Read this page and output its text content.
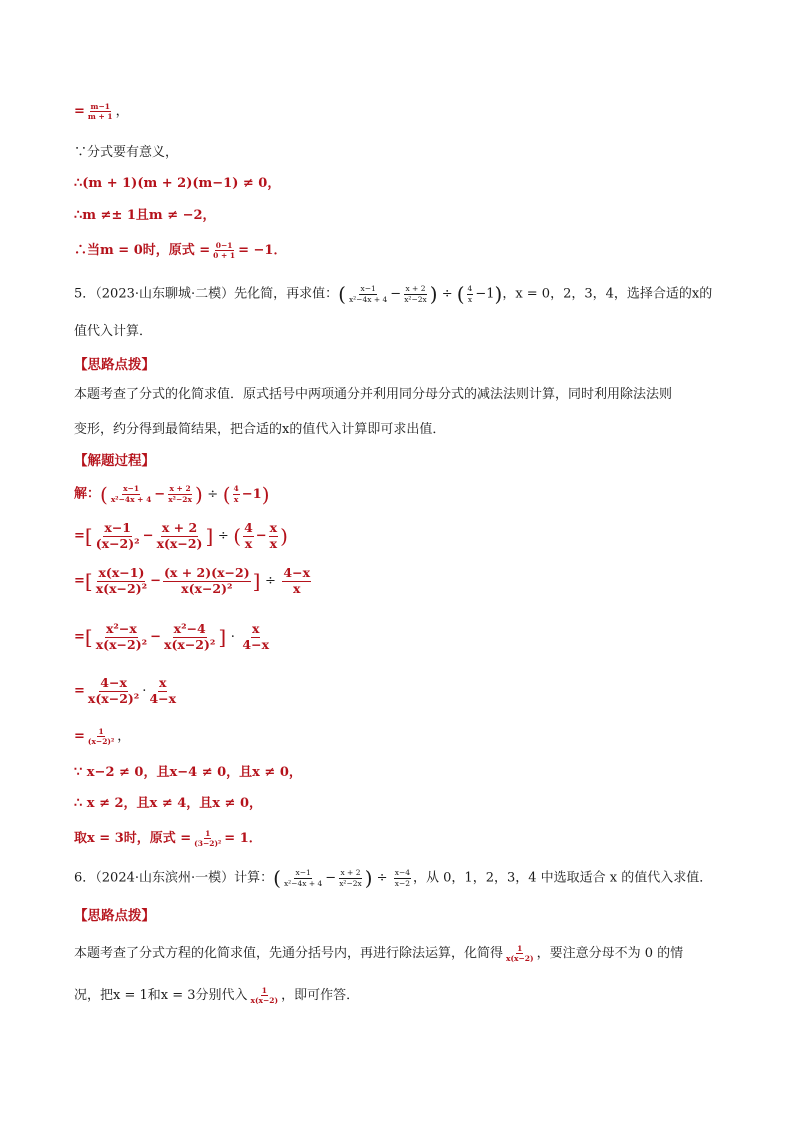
= $\frac{m-1}{m + 1}$ ，
∵分式要有意义，
∴(m + 1)(m + 2)(m−1) ≠ 0，
∴m ≠± 1且m ≠ −2，
∴当m = 0时，原式 = $\frac{0-1}{0 + 1} = -1$．
5．（2023·山东聊城·二模）先化简，再求值：( $\frac{x-1}{\text{x²−4x + 4}} - \frac{x + 2}{\text{x²−2x}}$ ) ÷ ( $\frac{4}{x} -1$)，x = 0，2，3，4，选择合适的x的
值代入计算．
【思路点拨】
本题考查了分式的化简求值．原式括号中两项通分并利用同分母分式的减法法则计算，同时利用除法法则
变形，约分得到最简结果，把合适的x的值代入计算即可求出值．
【解题过程】
解：( $\frac{x-1}{\text{x²−4x + 4}} - \frac{x + 2}{\text{x²−2x}}$ ) ÷ ( $\frac{4}{x} -1$)
=[ $\frac{x-1}{\text{(x−2)²}} - \frac{x + 2}{x(x-2)}$ ] ÷ ( $\frac{4}{x} - \frac{x}{x}$ )
=[ $\frac{x(x-1)}{\text{x(x−2)²}} - \frac{(x + 2)(x-2)}{\text{x(x−2)²}}$ ] ÷ $\frac{4-x}{x}$
=[ $\frac{\text{x²−x}}{\text{x(x−2)²}} - \frac{\text{x²−4}}{\text{x(x−2)²}}$ ] · $\frac{x}{4-x}$
= $\frac{4-x}{\text{x(x−2)²}} \cdot \frac{x}{4-x}$
= $\frac{1}{\text{(x−2)²}}$ ，
∵ x−2 ≠ 0，且x−4 ≠ 0，且x ≠ 0，
∴ x ≠ 2，且x ≠ 4，且x ≠ 0，
取x = 3时，原式 = $\frac{1}{\text{(3−2)²}} = 1$．
6．（2024·山东滨州·一模）计算：( $\frac{x-1}{\text{x²−4x + 4}} - \frac{x + 2}{\text{x²−2x}}$ ) ÷ $\frac{x-4}{x-2}$ ，从 0，1，2，3，4 中选取适合 x 的值代入求值．
【思路点拨】
本题考查了分式方程的化简求值，先通分括号内，再进行除法运算，化简得 $\frac{1}{x(x-2)}$ ，要注意分母不为 0 的情
况，把x = 1和x = 3分别代入 $\frac{1}{x(x-2)}$ ，即可作答．
